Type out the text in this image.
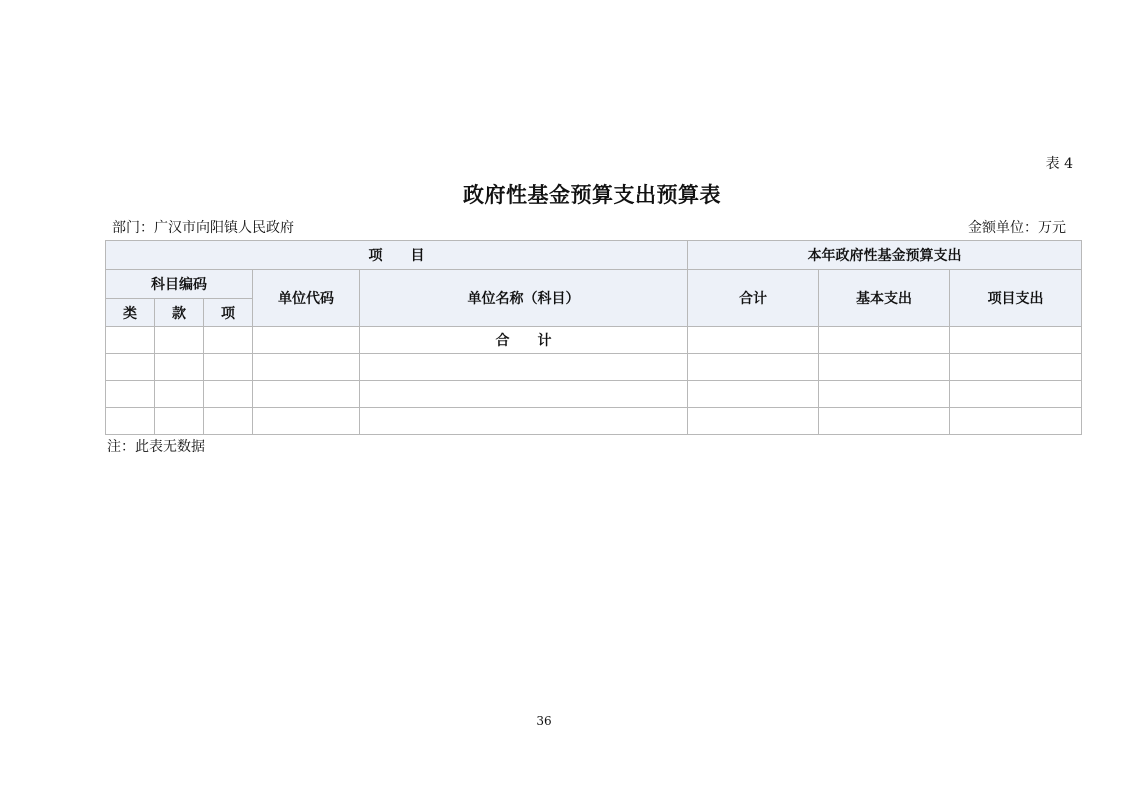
表 4
政府性基金预算支出预算表
部门：广汉市向阳镇人民政府	金额单位：万元
项　　目					本年政府性基金预算支出		
科目编码			单位代码	单位名称（科目）	合计	基本支出	项目支出
类	款	项					
				合　　计			

注：此表无数据
36
